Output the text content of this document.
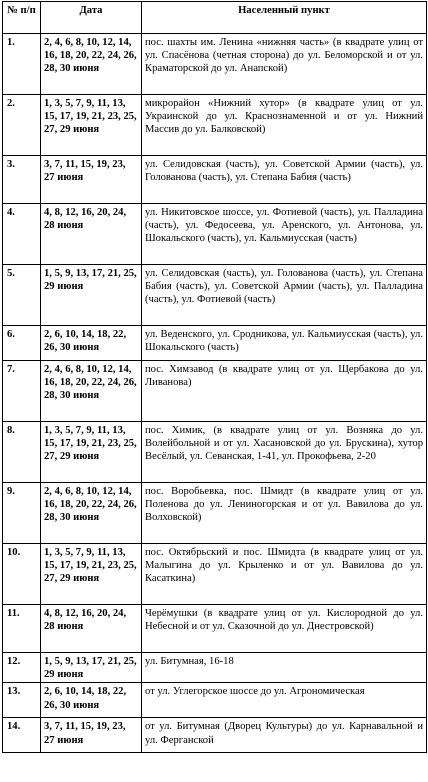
№ п/п	Дата	Населенный пункт
1.	2, 4, 6, 8, 10, 12, 14, 16, 18, 20, 22, 24, 26, 28, 30 июня	пос. шахты им. Ленина «нижняя часть» (в квадрате улиц от ул. Спасёнова (четная сторона) до ул. Беломорской и от ул. Краматорской до ул. Анапской)
2.	1, 3, 5, 7, 9, 11, 13, 15, 17, 19, 21, 23, 25, 27, 29 июня	микрорайон «Нижний хутор» (в квадрате улиц от ул. Украинской до ул. Краснознаменной и от ул. Нижний Массив до ул. Балковской)
3.	3, 7, 11, 15, 19, 23, 27 июня	ул. Селидовская (часть), ул. Советской Армии (часть), ул. Голованова (часть), ул. Степана Бабия (часть)
4.	4, 8, 12, 16, 20, 24, 28 июня	ул. Никитовское шоссе, ул. Фотиевой (часть), ул. Палладина (часть), ул. Федосеева, ул. Аренского, ул. Антонова, ул. Шокальского (часть), ул. Кальмиусская (часть)
5.	1, 5, 9, 13, 17, 21, 25, 29 июня	ул. Селидовская (часть), ул. Голованова (часть), ул. Степана Бабия (часть), ул. Советской Армии (часть), ул. Палладина (часть), ул. Фотиевой (часть)
6.	2, 6, 10, 14, 18, 22, 26, 30 июня	ул. Веденского, ул. Сродникова, ул. Кальмиусская (часть), ул. Шокальского (часть)
7.	2, 4, 6, 8, 10, 12, 14, 16, 18, 20, 22, 24, 26, 28, 30 июня	пос. Химзавод (в квадрате улиц от ул. Щербакова до ул. Ливанова)
8.	1, 3, 5, 7, 9, 11, 13, 15, 17, 19, 21, 23, 25, 27, 29 июня	пос. Химик, (в квадрате улиц от ул. Возняка до ул. Волейбольной и от ул. Хасановской до ул. Брускина), хутор Весёлый, ул. Севанская, 1-41, ул. Прокофьева, 2-20
9.	2, 4, 6, 8, 10, 12, 14, 16, 18, 20, 22, 24, 26, 28, 30 июня	пос. Воробьевка, пос. Шмидт (в квадрате улиц от ул. Поленова до ул. Лениногорская и от ул. Вавилова до ул. Волховской)
10.	1, 3, 5, 7, 9, 11, 13, 15, 17, 19, 21, 23, 25, 27, 29 июня	пос. Октябрьский и пос. Шмидта (в квадрате улиц от ул. Малыгина до ул. Крыленко и от ул. Вавилова до ул. Касаткина)
11.	4, 8, 12, 16, 20, 24, 28 июня	Черёмушки (в квадрате улиц от ул. Кислородной до ул. Небесной и от ул. Сказочной до ул. Днестровской)
12.	1, 5, 9, 13, 17, 21, 25, 29 июня	ул. Битумная, 16-18
13.	2, 6, 10, 14, 18, 22, 26, 30 июня	от ул. Углегорское шоссе до ул. Агрономическая
14.	3, 7, 11, 15, 19, 23, 27 июня	от ул. Битумная (Дворец Культуры) до ул. Карнавальной и ул. Ферганской
